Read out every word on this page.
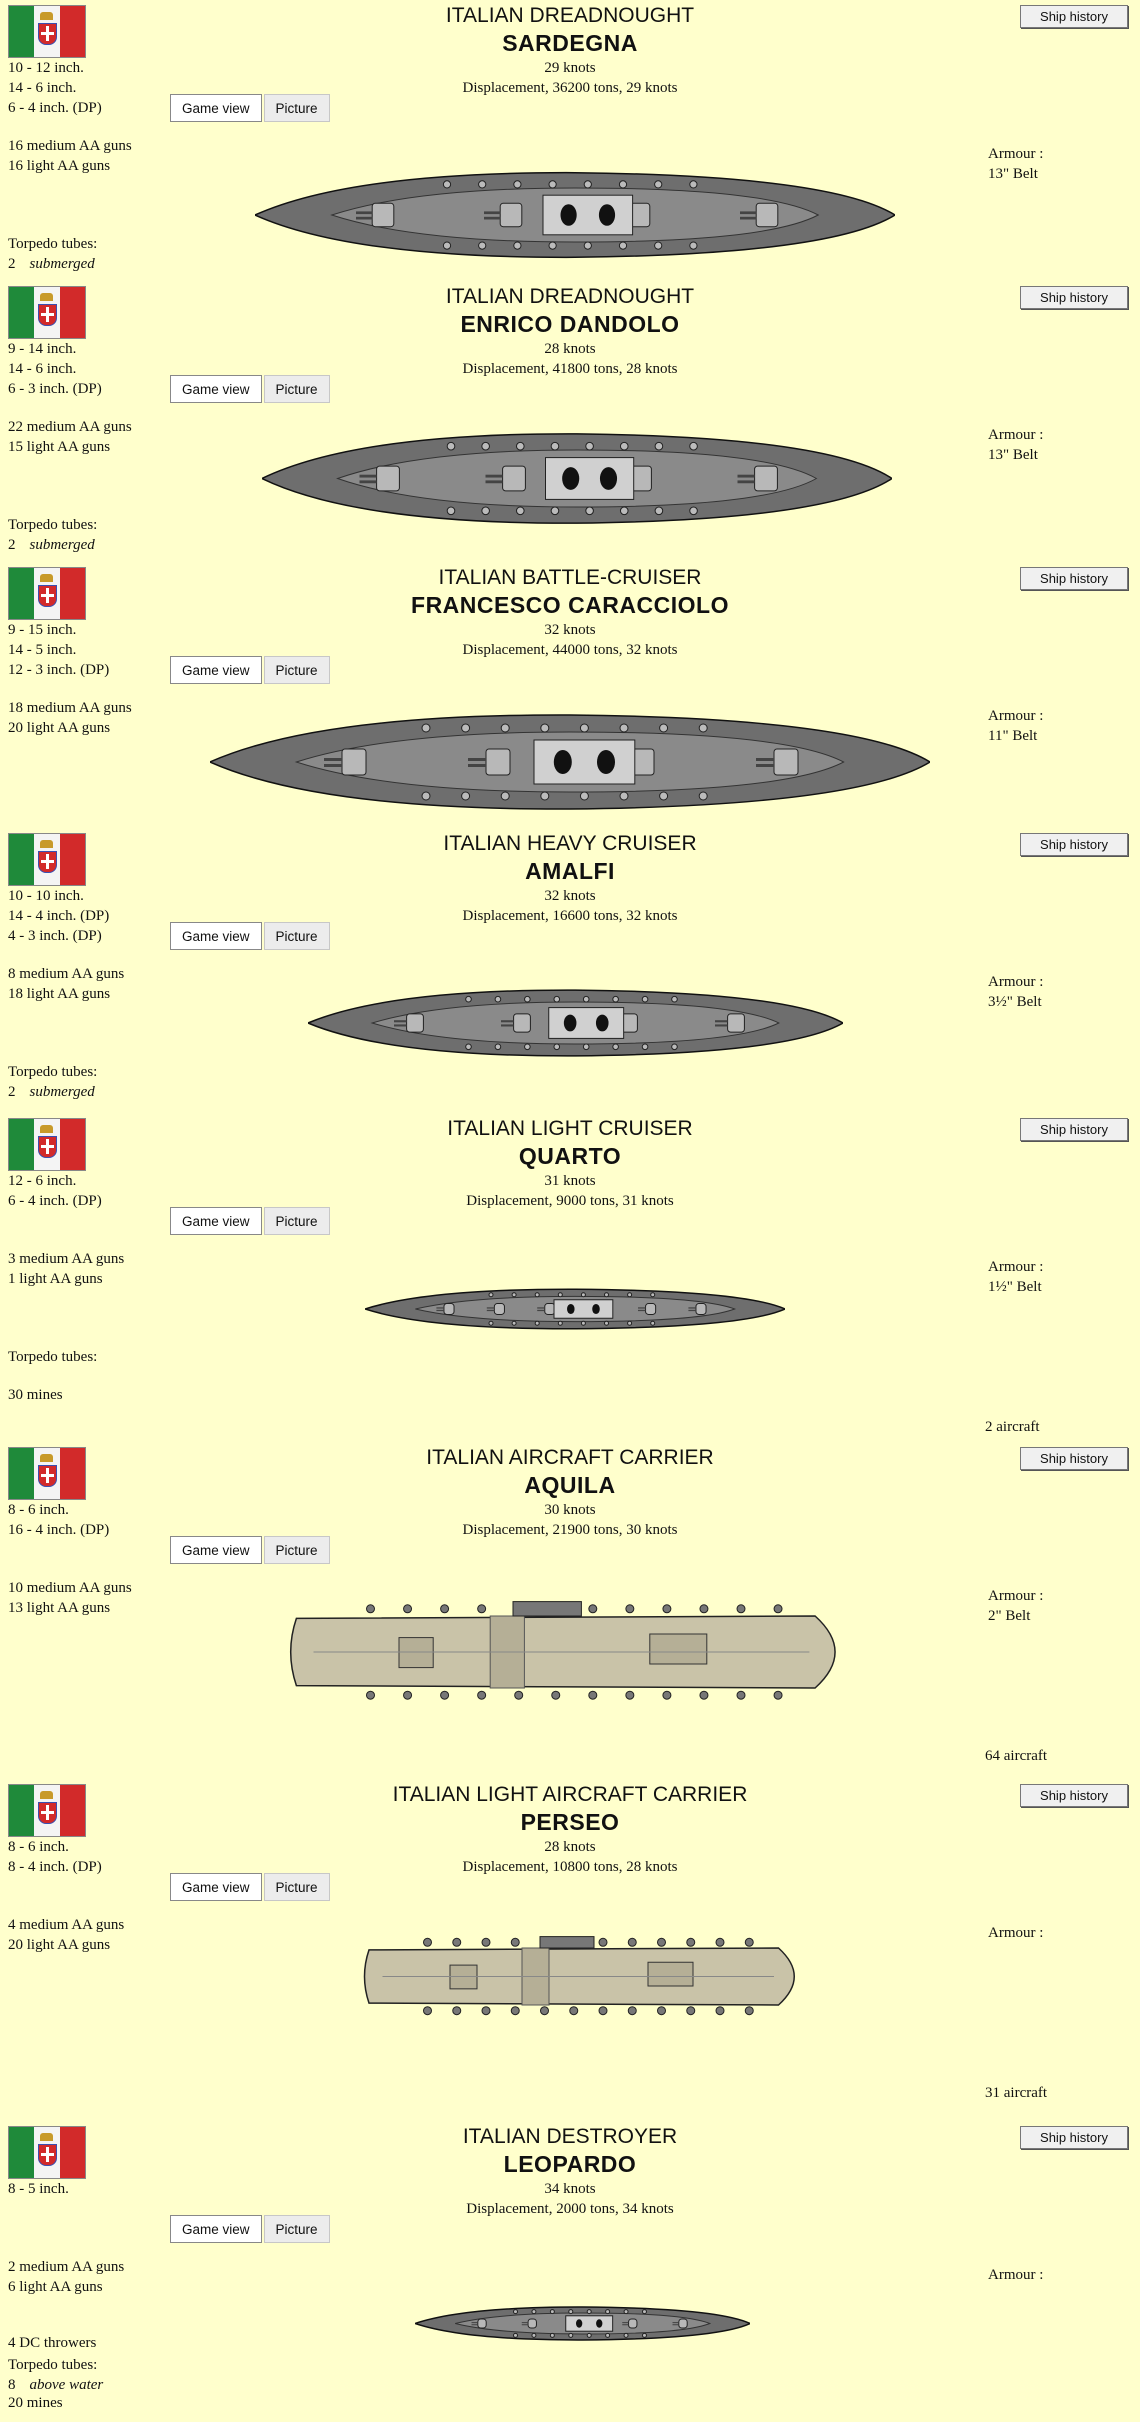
ITALIAN DREADNOUGHT
SARDEGNA
29 knots
Displacement, 36200 tons, 29 knots
Ship history
10 - 12 inch.
14 - 6 inch.
6 - 4 inch. (DP)	Game view	Picture
16 medium AA guns
16 light AA guns
Armour :
13" Belt
Torpedo tubes:
2 submerged
ITALIAN DREADNOUGHT
ENRICO DANDOLO
28 knots
Displacement, 41800 tons, 28 knots
Ship history
9 - 14 inch.
14 - 6 inch.
6 - 3 inch. (DP)	Game view	Picture
22 medium AA guns
15 light AA guns
Armour :
13" Belt
Torpedo tubes:
2 submerged
ITALIAN BATTLE-CRUISER
FRANCESCO CARACCIOLO
32 knots
Displacement, 44000 tons, 32 knots
Ship history
9 - 15 inch.
14 - 5 inch.
12 - 3 inch. (DP)	Game view	Picture
18 medium AA guns
20 light AA guns
Armour :
11" Belt
ITALIAN HEAVY CRUISER
AMALFI
32 knots
Displacement, 16600 tons, 32 knots
Ship history
10 - 10 inch.
14 - 4 inch. (DP)
4 - 3 inch. (DP)	Game view	Picture
8 medium AA guns
18 light AA guns
Armour :
3½" Belt
Torpedo tubes:
2 submerged
ITALIAN LIGHT CRUISER
QUARTO
31 knots
Displacement, 9000 tons, 31 knots
Ship history
12 - 6 inch.
6 - 4 inch. (DP)
Game view	Picture
3 medium AA guns
1 light AA guns
Armour :
1½" Belt
Torpedo tubes:
30 mines
2 aircraft
ITALIAN AIRCRAFT CARRIER
AQUILA
30 knots
Displacement, 21900 tons, 30 knots
Ship history
8 - 6 inch.
16 - 4 inch. (DP)
Game view	Picture
10 medium AA guns
13 light AA guns
Armour :
2" Belt
64 aircraft
ITALIAN LIGHT AIRCRAFT CARRIER
PERSEO
28 knots
Displacement, 10800 tons, 28 knots
Ship history
8 - 6 inch.
8 - 4 inch. (DP)
Game view	Picture
4 medium AA guns
20 light AA guns
Armour :
31 aircraft
ITALIAN DESTROYER
LEOPARDO
34 knots
Displacement, 2000 tons, 34 knots
Ship history
8 - 5 inch.
Game view	Picture
2 medium AA guns
6 light AA guns
Armour :
4 DC throwers
Torpedo tubes:
8 above water
20 mines
